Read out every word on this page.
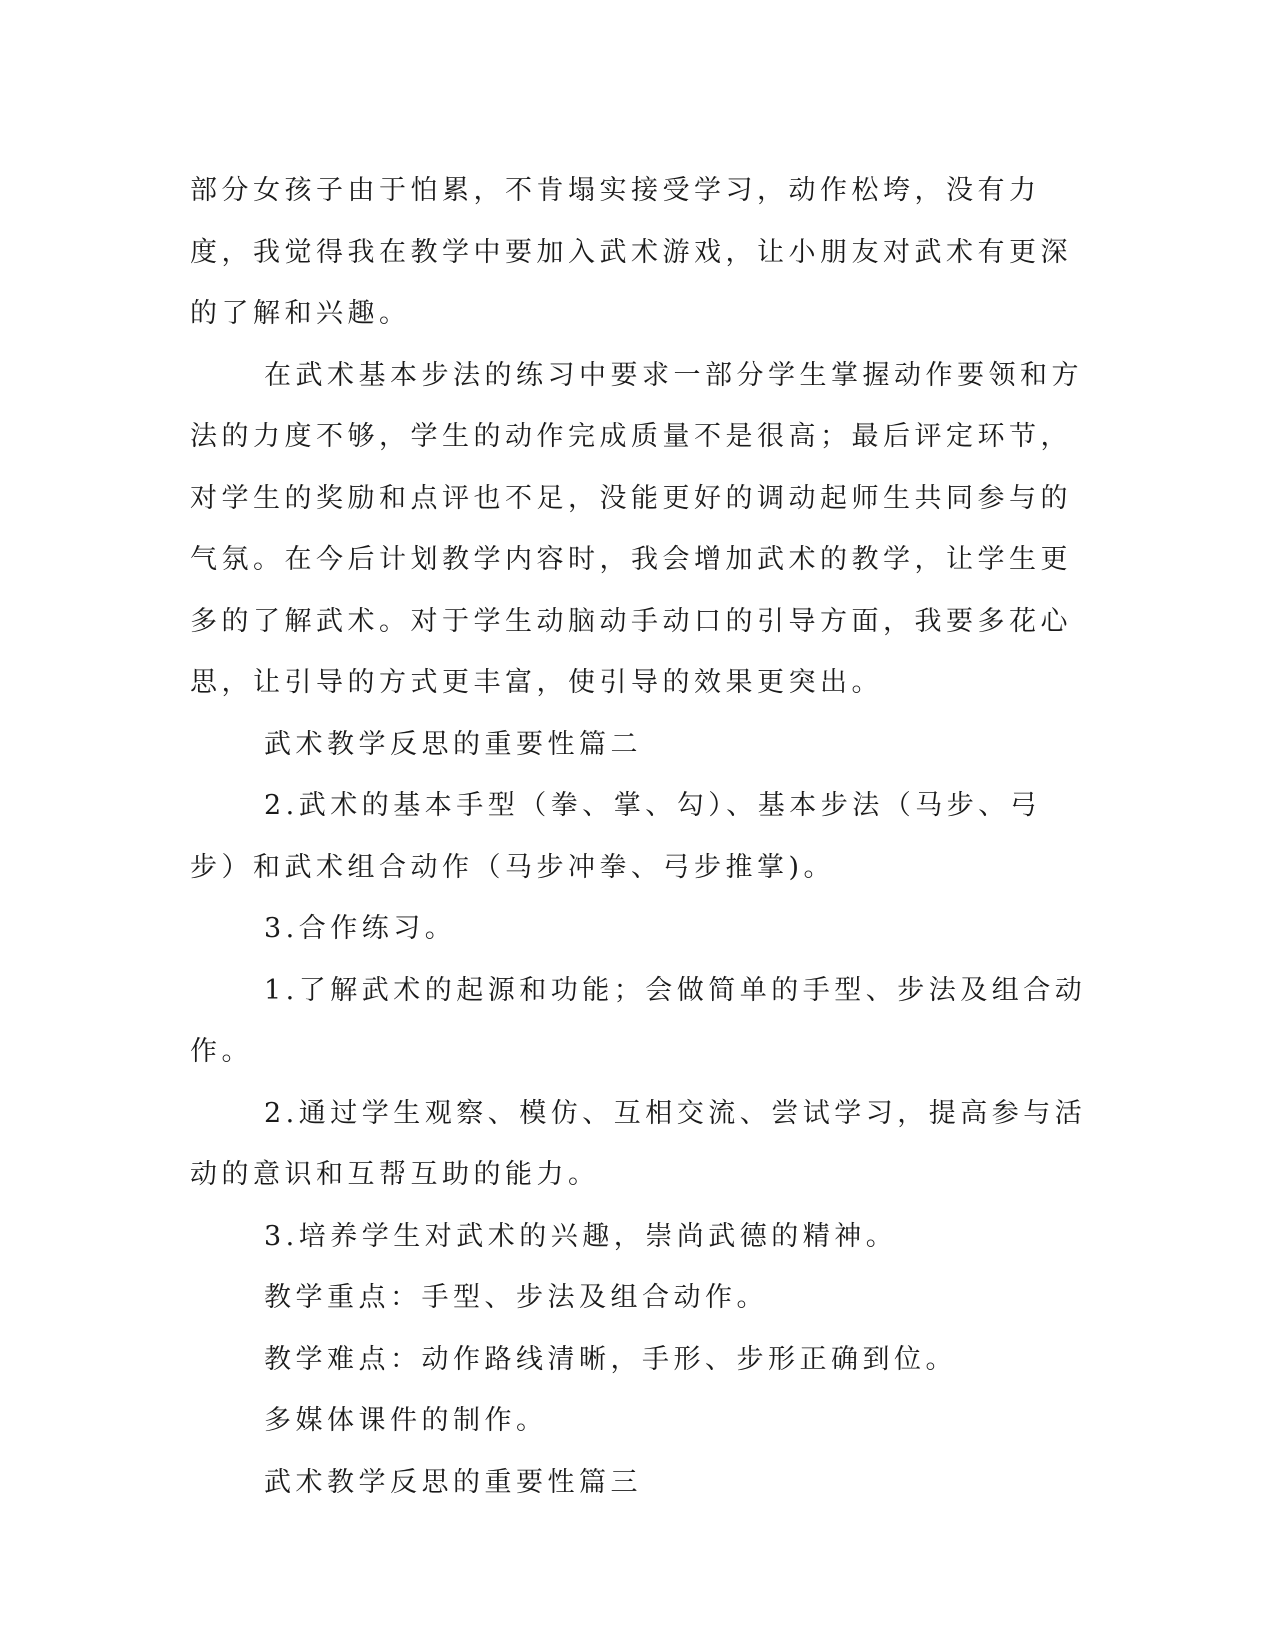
部分女孩子由于怕累，不肯塌实接受学习，动作松垮，没有力度，我觉得我在教学中要加入武术游戏，让小朋友对武术有更深的了解和兴趣。

在武术基本步法的练习中要求一部分学生掌握动作要领和方法的力度不够，学生的动作完成质量不是很高；最后评定环节，对学生的奖励和点评也不足，没能更好的调动起师生共同参与的气氛。在今后计划教学内容时，我会增加武术的教学，让学生更多的了解武术。对于学生动脑动手动口的引导方面，我要多花心思，让引导的方式更丰富，使引导的效果更突出。

武术教学反思的重要性篇二

2.武术的基本手型（拳、掌、勾）、基本步法（马步、弓步）和武术组合动作（马步冲拳、弓步推掌)。

3.合作练习。

1.了解武术的起源和功能；会做简单的手型、步法及组合动作。

2.通过学生观察、模仿、互相交流、尝试学习，提高参与活动的意识和互帮互助的能力。

3.培养学生对武术的兴趣，崇尚武德的精神。

教学重点：手型、步法及组合动作。

教学难点：动作路线清晰，手形、步形正确到位。

多媒体课件的制作。

武术教学反思的重要性篇三
